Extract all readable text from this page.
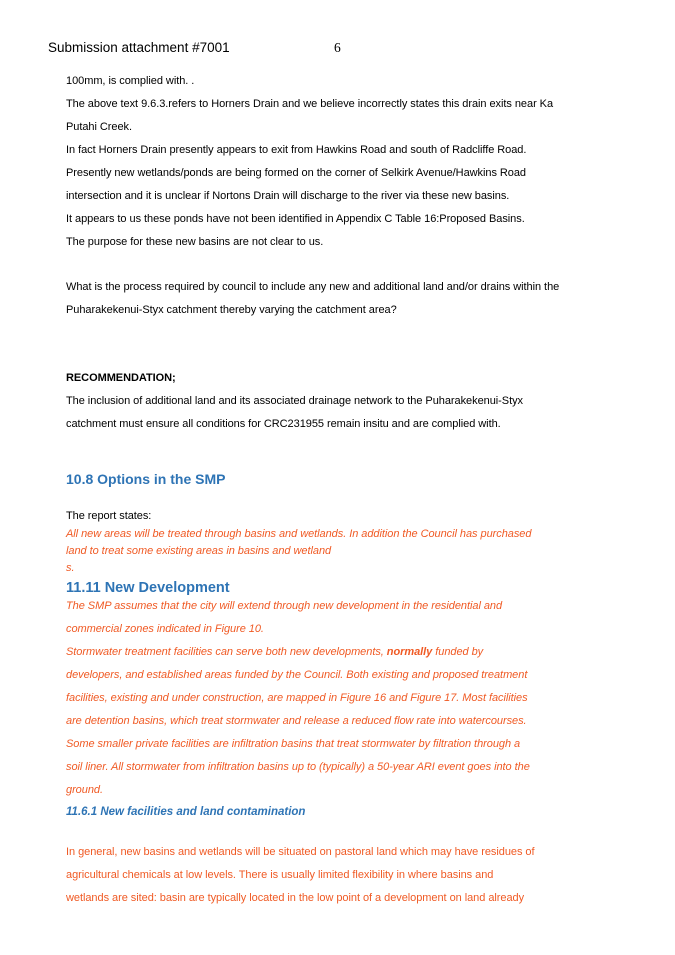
Submission attachment #7001	6
100mm, is complied with. .
The above text 9.6.3.refers to Horners Drain and we believe incorrectly states this drain exits near Ka
Putahi Creek.
In fact Horners Drain presently appears to exit from Hawkins Road and south of Radcliffe Road.
Presently new wetlands/ponds are being formed on the corner of Selkirk Avenue/Hawkins Road
intersection and it is unclear if Nortons Drain will discharge to the river via these new basins.
It appears to us these ponds have not been identified in Appendix C Table 16:Proposed Basins.
The purpose for these new basins are not clear to us.
What is the process required by council to include any new and additional land and/or drains within the
Puharakekenui-Styx catchment thereby varying the catchment area?
RECOMMENDATION;
The inclusion of additional land and its associated drainage network to the Puharakekenui-Styx
catchment must ensure all conditions for CRC231955 remain insitu and are complied with.
10.8 Options in the SMP
The report states:
All new areas will be treated through basins and wetlands. In addition the Council has purchased
land to treat some existing areas in basins and wetland
s.
11.11 New Development
The SMP assumes that the city will extend through new development in the residential and
commercial zones indicated in Figure 10.
Stormwater treatment facilities can serve both new developments, normally funded by
developers, and established areas funded by the Council. Both existing and proposed treatment
facilities, existing and under construction, are mapped in Figure 16 and Figure 17. Most facilities
are detention basins, which treat stormwater and release a reduced flow rate into watercourses.
Some smaller private facilities are infiltration basins that treat stormwater by filtration through a
soil liner. All stormwater from infiltration basins up to (typically) a 50-year ARI event goes into the
ground.
11.6.1 New facilities and land contamination
In general, new basins and wetlands will be situated on pastoral land which may have residues of
agricultural chemicals at low levels. There is usually limited flexibility in where basins and
wetlands are sited: basin are typically located in the low point of a development on land already
